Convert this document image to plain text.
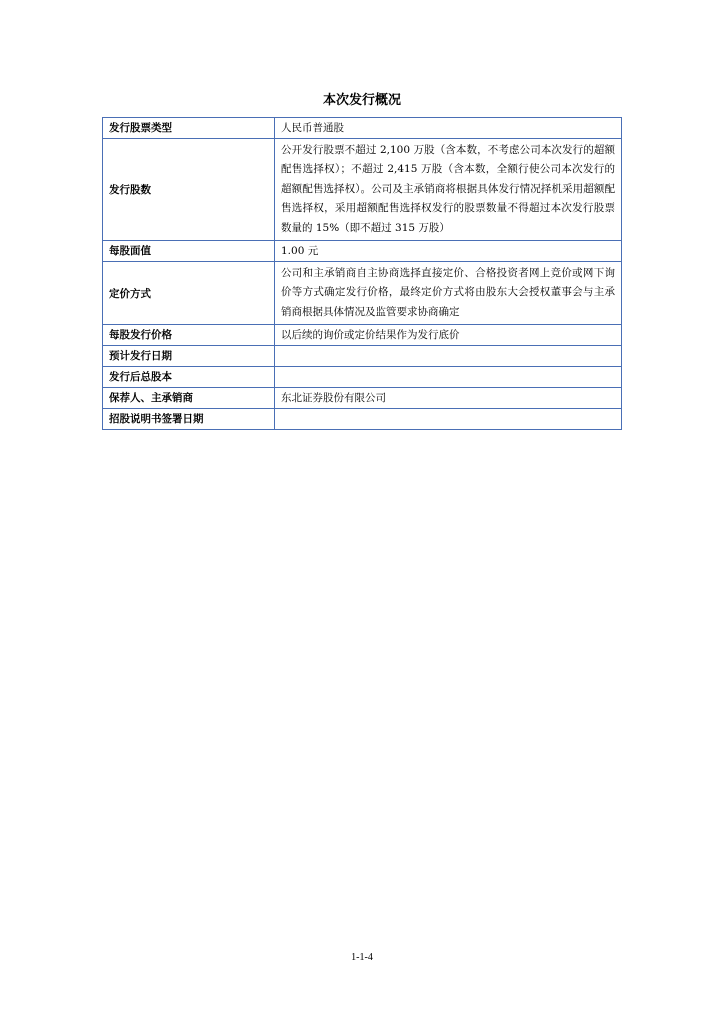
本次发行概况
发行股票类型	人民币普通股
发行股数	公开发行股票不超过 2,100 万股（含本数，不考虑公司本次发行的超额配售选择权）；不超过 2,415 万股（含本数，全额行使公司本次发行的超额配售选择权）。公司及主承销商将根据具体发行情况择机采用超额配售选择权，采用超额配售选择权发行的股票数量不得超过本次发行股票数量的 15%（即不超过 315 万股）
每股面值	1.00 元
定价方式	公司和主承销商自主协商选择直接定价、合格投资者网上竞价或网下询价等方式确定发行价格，最终定价方式将由股东大会授权董事会与主承销商根据具体情况及监管要求协商确定
每股发行价格	以后续的询价或定价结果作为发行底价
预计发行日期	
发行后总股本	
保荐人、主承销商	东北证券股份有限公司
招股说明书签署日期	
1-1-4
